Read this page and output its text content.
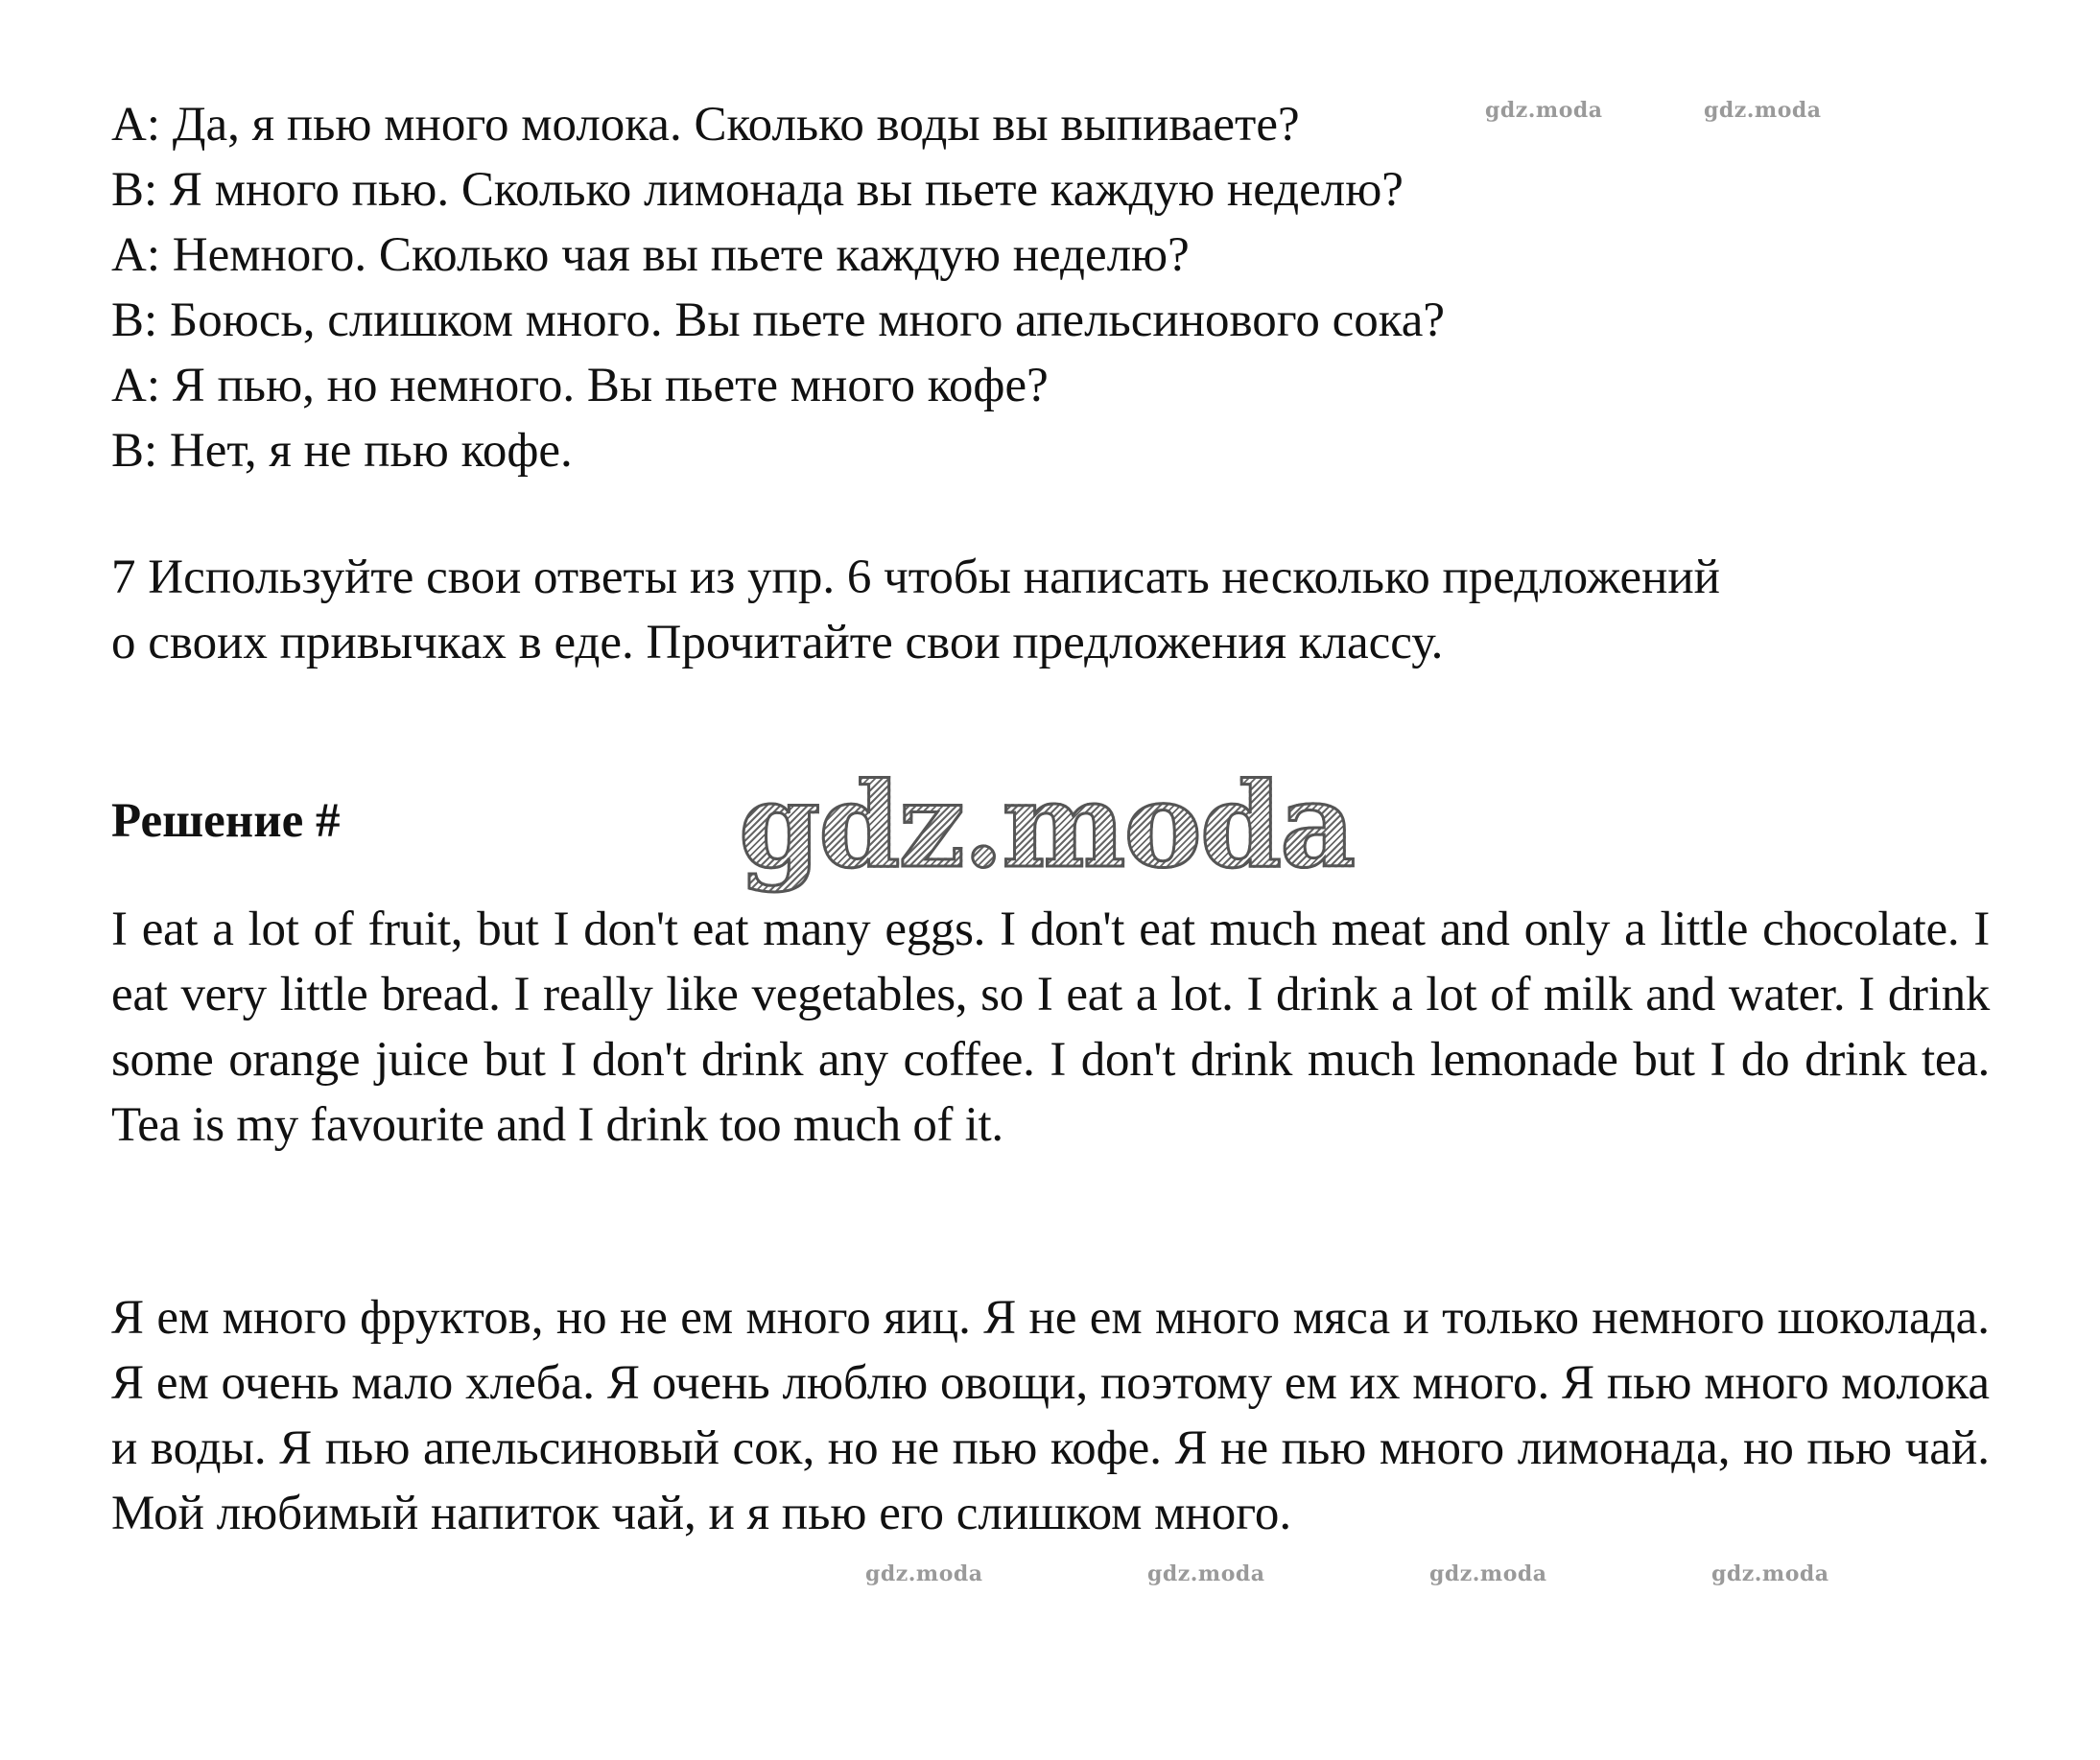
A: Да, я пью много молока. Сколько воды вы выпиваете?
B: Я много пью. Сколько лимонада вы пьете каждую неделю?
A: Немного. Сколько чая вы пьете каждую неделю?
B: Боюсь, слишком много. Вы пьете много апельсинового сока?
A: Я пью, но немного. Вы пьете много кофе?
B: Нет, я не пью кофе.
7 Используйте свои ответы из упр. 6 чтобы написать несколько предложений
о своих привычках в еде. Прочитайте свои предложения классу.
Решение #	gdz.moda
I eat a lot of fruit, but I don't eat many eggs. I don't eat much meat and only a little chocolate. I eat very little bread. I really like vegetables, so I eat a lot. I drink a lot of milk and water. I drink some orange juice but I don't drink any coffee. I don't drink much lemonade but I do drink tea. Tea is my favourite and I drink too much of it.
Я ем много фруктов, но не ем много яиц. Я не ем много мяса и только немного шоколада. Я ем очень мало хлеба. Я очень люблю овощи, поэтому ем их много. Я пью много молока и воды. Я пью апельсиновый сок, но не пью кофе. Я не пью много лимонада, но пью чай. Мой любимый напиток чай, и я пью его слишком много.
gdz.moda	gdz.moda
gdz.moda	gdz.moda	gdz.moda	gdz.moda
